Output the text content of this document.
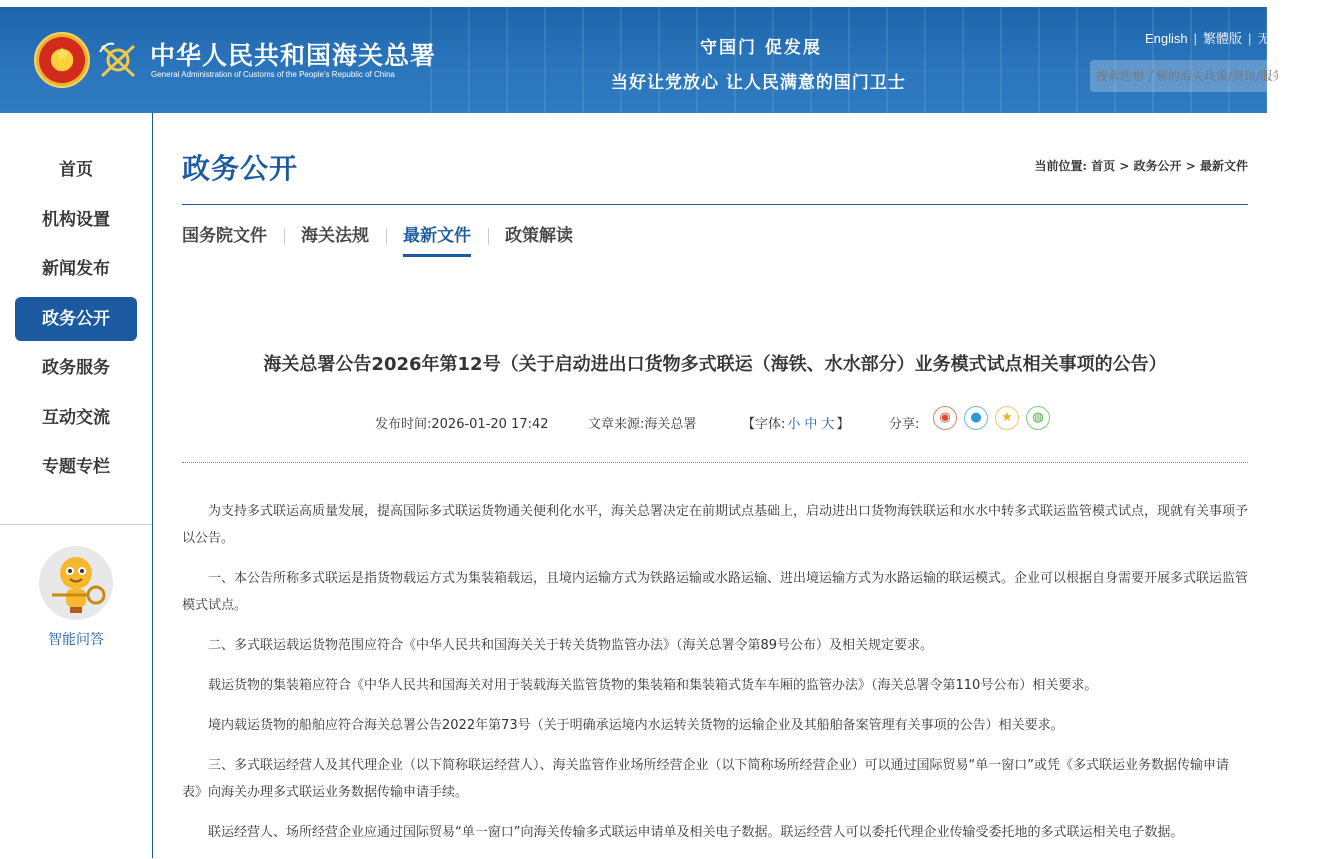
★	中华人民共和国海关总署
General Administration of Customs of the People's Republic of China
守国门 促发展
当好让党放心 让人民满意的国门卫士
English | 繁體版 | 无
搜索您想了解的海关政策/资讯/服务
首页
机构设置
新闻发布
政务公开
政务服务
互动交流
专题专栏
智能问答
政务公开	当前位置: 首页 > 政务公开 > 最新文件
国务院文件 海关法规 最新文件 政策解读
海关总署公告2026年第12号（关于启动进出口货物多式联运（海铁、水水部分）业务模式试点相关事项的公告）
发布时间:2026-01-20 17:42	文章来源:海关总署	【字体: 小 中 大 】	分享:	◉	●	★	◍

为支持多式联运高质量发展，提高国际多式联运货物通关便利化水平，海关总署决定在前期试点基础上，启动进出口货物海铁联运和水水中转多式联运监管模式试点，现就有关事项予以公告。

一、本公告所称多式联运是指货物载运方式为集装箱载运，且境内运输方式为铁路运输或水路运输、进出境运输方式为水路运输的联运模式。企业可以根据自身需要开展多式联运监管模式试点。

二、多式联运载运货物范围应符合《中华人民共和国海关关于转关货物监管办法》（海关总署令第89号公布）及相关规定要求。

载运货物的集装箱应符合《中华人民共和国海关对用于装载海关监管货物的集装箱和集装箱式货车车厢的监管办法》（海关总署令第110号公布）相关要求。

境内载运货物的船舶应符合海关总署公告2022年第73号（关于明确承运境内水运转关货物的运输企业及其船舶备案管理有关事项的公告）相关要求。

三、多式联运经营人及其代理企业（以下简称联运经营人）、海关监管作业场所经营企业（以下简称场所经营企业）可以通过国际贸易“单一窗口”或凭《多式联运业务数据传输申请表》向海关办理多式联运业务数据传输申请手续。

联运经营人、场所经营企业应通过国际贸易“单一窗口”向海关传输多式联运申请单及相关电子数据。联运经营人可以委托代理企业传输受委托地的多式联运相关电子数据。
